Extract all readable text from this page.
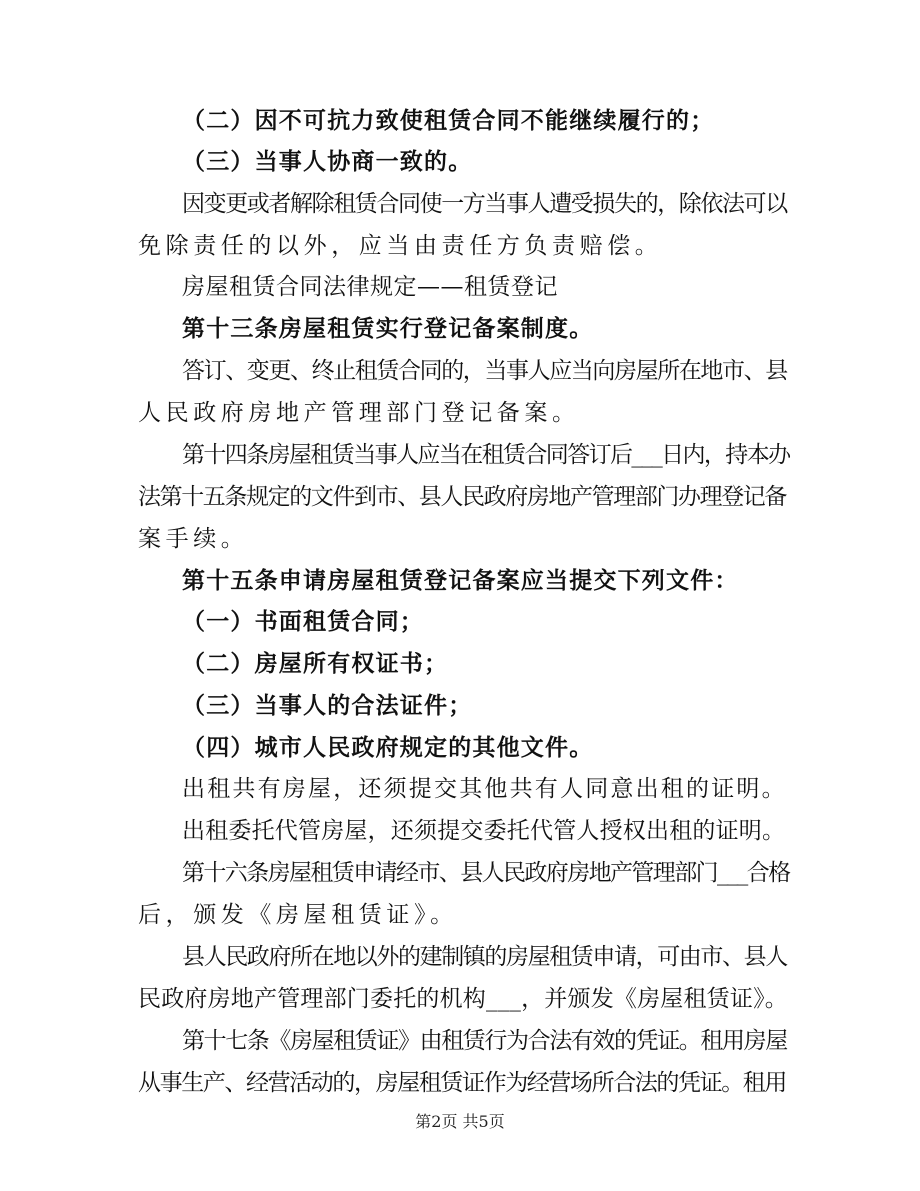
（二）因不可抗力致使租赁合同不能继续履行的；
（三）当事人协商一致的。
因变更或者解除租赁合同使一方当事人遭受损失的，除依法可以
免除责任的以外，应当由责任方负责赔偿。
房屋租赁合同法律规定——租赁登记
第十三条房屋租赁实行登记备案制度。
答订、变更、终止租赁合同的，当事人应当向房屋所在地市、县
人民政府房地产管理部门登记备案。
第十四条房屋租赁当事人应当在租赁合同答订后___日内，持本办
法第十五条规定的文件到市、县人民政府房地产管理部门办理登记备
案手续。
第十五条申请房屋租赁登记备案应当提交下列文件：
（一）书面租赁合同；
（二）房屋所有权证书；
（三）当事人的合法证件；
（四）城市人民政府规定的其他文件。
出租共有房屋，还须提交其他共有人同意出租的证明。
出租委托代管房屋，还须提交委托代管人授权出租的证明。
第十六条房屋租赁申请经市、县人民政府房地产管理部门___合格
后，颁发《房屋租赁证》。
县人民政府所在地以外的建制镇的房屋租赁申请，可由市、县人
民政府房地产管理部门委托的机构___，并颁发《房屋租赁证》。
第十七条《房屋租赁证》由租赁行为合法有效的凭证。租用房屋
从事生产、经营活动的，房屋租赁证作为经营场所合法的凭证。租用
第2页 共5页
